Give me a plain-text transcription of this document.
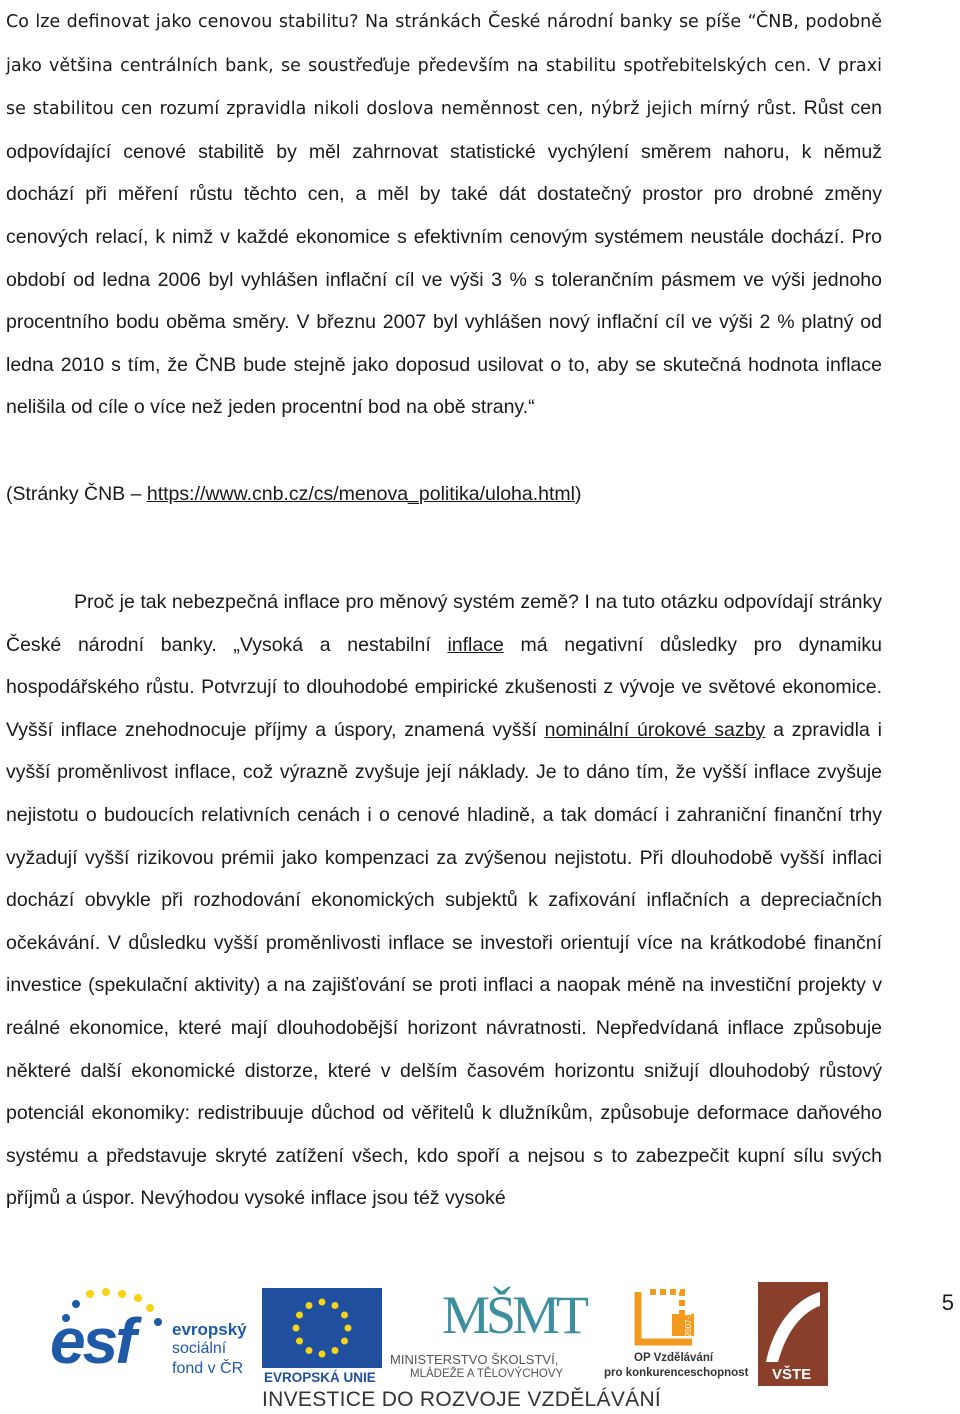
Co lze definovat jako cenovou stabilitu? Na stránkách České národní banky se píše “ČNB, podobně jako většina centrálních bank, se soustřeďuje především na stabilitu spotřebitelských cen. V praxi se stabilitou cen rozumí zpravidla nikoli doslova neměnnost cen, nýbrž jejich mírný růst. Růst cen odpovídající cenové stabilitě by měl zahrnovat statistické vychýlení směrem nahoru, k němuž dochází při měření růstu těchto cen, a měl by také dát dostatečný prostor pro drobné změny cenových relací, k nimž v každé ekonomice s efektivním cenovým systémem neustále dochází. Pro období od ledna 2006 byl vyhlášen inflační cíl ve výši 3 % s tolerančním pásmem ve výši jednoho procentního bodu oběma směry. V březnu 2007 byl vyhlášen nový inflační cíl ve výši 2 % platný od ledna 2010 s tím, že ČNB bude stejně jako doposud usilovat o to, aby se skutečná hodnota inflace nelišila od cíle o více než jeden procentní bod na obě strany.“

(Stránky ČNB – https://www.cnb.cz/cs/menova_politika/uloha.html)

Proč je tak nebezpečná inflace pro měnový systém země? I na tuto otázku odpovídají stránky České národní banky. „Vysoká a nestabilní inflace má negativní důsledky pro dynamiku hospodářského růstu. Potvrzují to dlouhodobé empirické zkušenosti z vývoje ve světové ekonomice. Vyšší inflace znehodnocuje příjmy a úspory, znamená vyšší nominální úrokové sazby a zpravidla i vyšší proměnlivost inflace, což výrazně zvyšuje její náklady. Je to dáno tím, že vyšší inflace zvyšuje nejistotu o budoucích relativních cenách i o cenové hladině, a tak domácí i zahraniční finanční trhy vyžadují vyšší rizikovou prémii jako kompenzaci za zvýšenou nejistotu. Při dlouhodobě vyšší inflaci dochází obvykle při rozhodování ekonomických subjektů k zafixování inflačních a depreciačních očekávání. V důsledku vyšší proměnlivosti inflace se investoři orientují více na krátkodobé finanční investice (spekulační aktivity) a na zajišťování se proti inflaci a naopak méně na investiční projekty v reálné ekonomice, které mají dlouhodobější horizont návratnosti. Nepředvídaná inflace způsobuje některé další ekonomické distorze, které v delším časovém horizontu snižují dlouhodobý růstový potenciál ekonomiky: redistribuuje důchod od věřitelů k dlužníkům, způsobuje deformace daňového systému a představuje skryté zatížení všech, kdo spoří a nejsou s to zabezpečit kupní sílu svých příjmů a úspor. Nevýhodou vysoké inflace jsou též vysoké

5
esf evropský
sociální
fond v ČR
EVROPSKÁ UNIE
MŠMT
MINISTERSTVO ŠKOLSTVÍ,
MLÁDEŽE A TĚLOVÝCHOVY
2007-13
OP Vzdělávání
pro konkurenceschopnost VŠTE
INVESTICE DO ROZVOJE VZDĚLÁVÁNÍ
